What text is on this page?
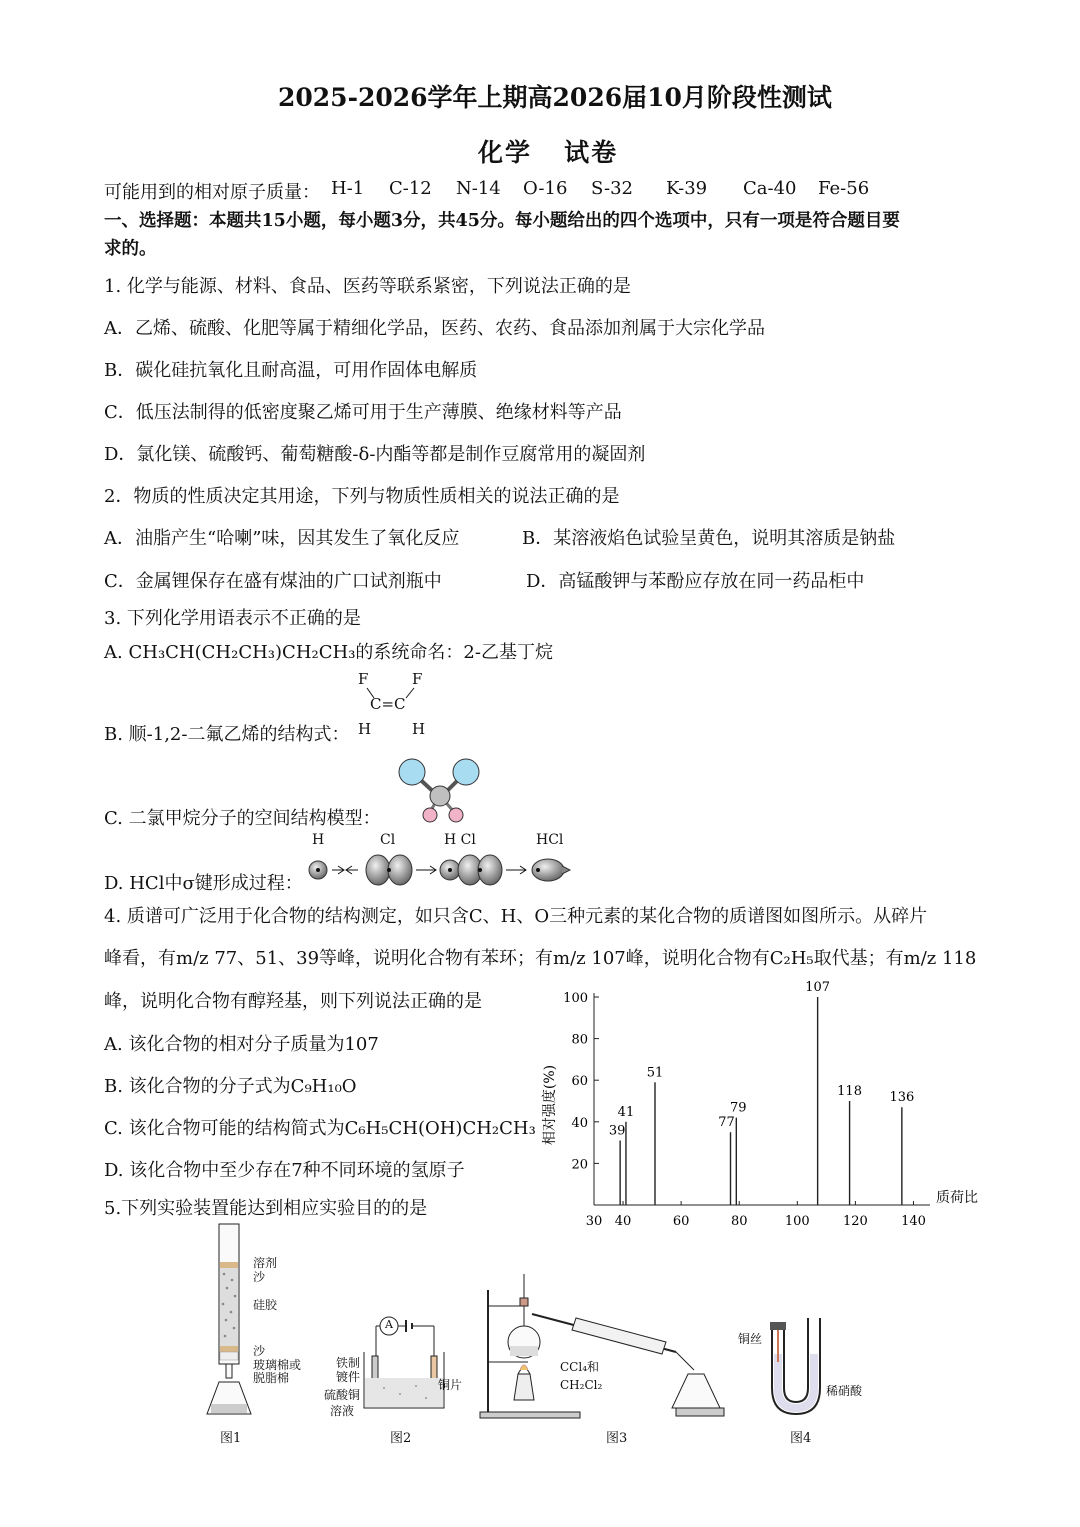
2025-2026学年上期高2026届10月阶段性测试
化学 试卷
可能用到的相对原子质量： H-1 C-12 N-14 O-16 S-32 K-39 Ca-40 Fe-56
一、选择题：本题共15小题，每小题3分，共45分。每小题给出的四个选项中，只有一项是符合题目要
求的。
1. 化学与能源、材料、食品、医药等联系紧密，下列说法正确的是
A．乙烯、硫酸、化肥等属于精细化学品，医药、农药、食品添加剂属于大宗化学品
B．碳化硅抗氧化且耐高温，可用作固体电解质
C．低压法制得的低密度聚乙烯可用于生产薄膜、绝缘材料等产品
D．氯化镁、硫酸钙、葡萄糖酸-δ-内酯等都是制作豆腐常用的凝固剂
2．物质的性质决定其用途，下列与物质性质相关的说法正确的是
A．油脂产生“哈喇”味，因其发生了氧化反应	B．某溶液焰色试验呈黄色，说明其溶质是钠盐
C．金属锂保存在盛有煤油的广口试剂瓶中	D．高锰酸钾与苯酚应存放在同一药品柜中
3. 下列化学用语表示不正确的是
A. CH₃CH(CH₂CH₃)CH₂CH₃的系统命名：2-乙基丁烷
B. 顺-1,2-二氟乙烯的结构式：
F	F
C=C
H	H
C. 二氯甲烷分子的空间结构模型：
D. HCl中σ键形成过程：
H	Cl	H Cl	HCl
4. 质谱可广泛用于化合物的结构测定，如只含C、H、O三种元素的某化合物的质谱图如图所示。从碎片
峰看，有m/z 77、51、39等峰，说明化合物有苯环；有m/z 107峰，说明化合物有C₂H₅取代基；有m/z 118
峰，说明化合物有醇羟基，则下列说法正确的是
A. 该化合物的相对分子质量为107
B. 该化合物的分子式为C₉H₁₀O
C. 该化合物可能的结构简式为C₆H₅CH(OH)CH₂CH₃
D. 该化合物中至少存在7种不同环境的氢原子	20
40
60
80
100
30 40	60	80	100	120	140
39
41
51
77
79
107
118 136
相对强度(%)
质荷比
5.下列实验装置能达到相应实验目的的是
溶剂
沙
硅胶
沙
玻璃棉或
脱脂棉
图1
A
铁制
镀件
硫酸铜
溶液
铜片
图2
CCl₄和
CH₂Cl₂
图3
铜丝
稀硝酸
图4
